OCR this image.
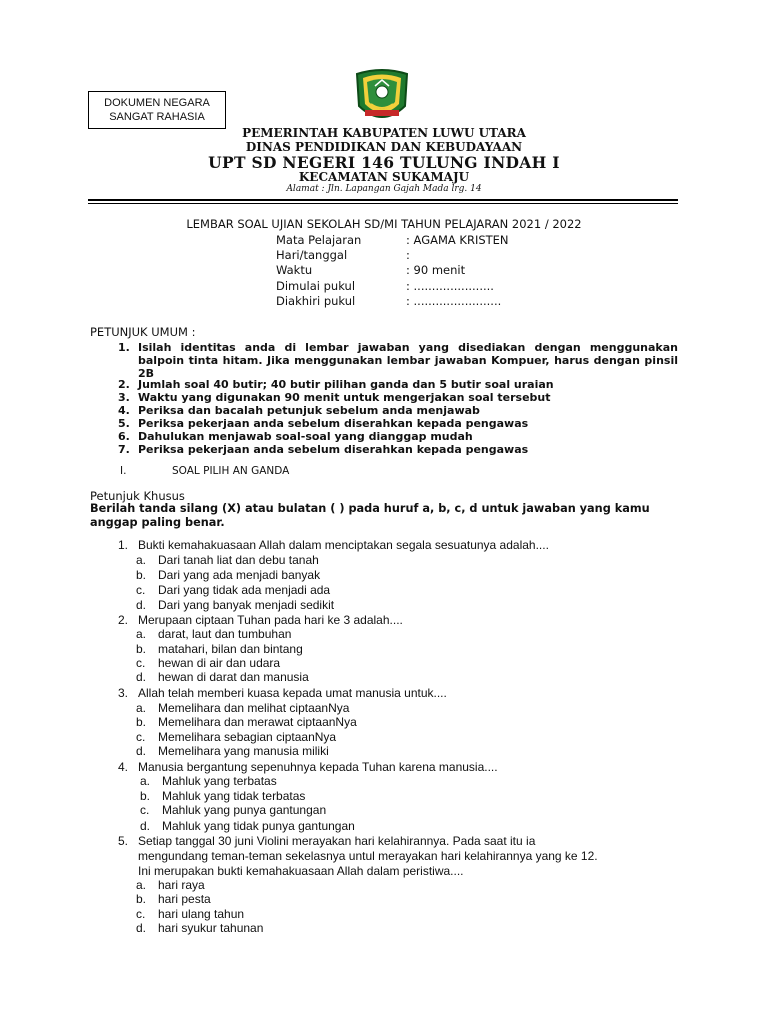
DOKUMEN NEGARA
SANGAT RAHASIA
PEMERINTAH KABUPATEN LUWU UTARA
DINAS PENDIDIKAN DAN KEBUDAYAAN
UPT SD NEGERI 146 TULUNG INDAH I
KECAMATAN SUKAMAJU
Alamat : Jln. Lapangan Gajah Mada lrg. 14
LEMBAR SOAL UJIAN SEKOLAH SD/MI TAHUN PELAJARAN 2021 / 2022
Mata Pelajaran	: AGAMA KRISTEN
Hari/tanggal	:
Waktu	: 90 menit
Dimulai pukul	: ......................
Diakhiri pukul	: ........................
PETUNJUK UMUM :
1. Isilah identitas anda di lembar jawaban yang disediakan dengan menggunakan balpoin tinta hitam. Jika menggunakan lembar jawaban Kompuer, harus dengan pinsil 2B
2. Jumlah soal 40 butir; 40 butir pilihan ganda dan 5 butir soal uraian
3. Waktu yang digunakan 90 menit untuk mengerjakan soal tersebut
4. Periksa dan bacalah petunjuk sebelum anda menjawab
5. Periksa pekerjaan anda sebelum diserahkan kepada pengawas
6. Dahulukan menjawab soal-soal yang dianggap mudah
7. Periksa pekerjaan anda sebelum diserahkan kepada pengawas
I.	SOAL PILIH AN GANDA
Petunjuk Khusus
Berilah tanda silang (X) atau bulatan ( ) pada huruf a, b, c, d untuk jawaban yang kamu
anggap paling benar.
1. Bukti kemahakuasaan Allah dalam menciptakan segala sesuatunya adalah....
a. Dari tanah liat dan debu tanah
b. Dari yang ada menjadi banyak
c. Dari yang tidak ada menjadi ada
d. Dari yang banyak menjadi sedikit
2. Merupaan ciptaan Tuhan pada hari ke 3 adalah....
a. darat, laut dan tumbuhan
b. matahari, bilan dan bintang
c. hewan di air dan udara
d. hewan di darat dan manusia
3. Allah telah memberi kuasa kepada umat manusia untuk....
a. Memelihara dan melihat ciptaanNya
b. Memelihara dan merawat ciptaanNya
c. Memelihara sebagian ciptaanNya
d. Memelihara yang manusia miliki
4. Manusia bergantung sepenuhnya kepada Tuhan karena manusia....
a. Mahluk yang terbatas
b. Mahluk yang tidak terbatas
c. Mahluk yang punya gantungan
d. Mahluk yang tidak punya gantungan
5. Setiap tanggal 30 juni Violini merayakan hari kelahirannya. Pada saat itu ia
mengundang teman-teman sekelasnya untul merayakan hari kelahirannya yang ke 12.
Ini merupakan bukti kemahakuasaan Allah dalam peristiwa....
a. hari raya
b. hari pesta
c. hari ulang tahun
d. hari syukur tahunan
